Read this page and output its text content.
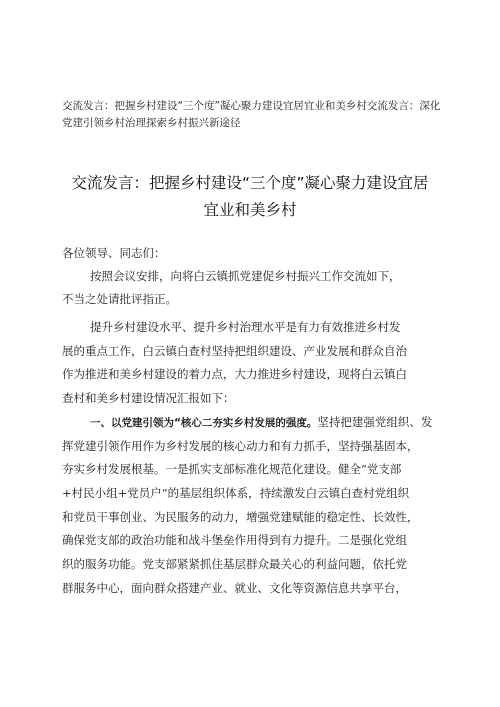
交流发言：把握乡村建设“三个度”凝心聚力建设宜居宜业和美乡村交流发言：深化
党建引领乡村治理探索乡村振兴新途径
交流发言：把握乡村建设“三个度”凝心聚力建设宜居
宜业和美乡村
各位领导、同志们：
按照会议安排，向将白云镇抓党建促乡村振兴工作交流如下，
不当之处请批评指正。
提升乡村建设水平、提升乡村治理水平是有力有效推进乡村发
展的重点工作，白云镇白查村坚持把组织建设、产业发展和群众自治
作为推进和美乡村建设的着力点，大力推进乡村建设，现将白云镇白
查村和美乡村建设情况汇报如下：
一、以党建引领为“核心二夯实乡村发展的强度。坚持把建强党组织、发
挥党建引领作用作为乡村发展的核心动力和有力抓手，坚持强基固本，
夯实乡村发展根基。一是抓实支部标准化规范化建设。健全“党支部
+村民小组+党员户”的基层组织体系，持续激发白云镇白查村党组织
和党员干事创业、为民服务的动力，增强党建赋能的稳定性、长效性，
确保党支部的政治功能和战斗堡垒作用得到有力提升。二是强化党组
织的服务功能。党支部紧紧抓住基层群众最关心的利益问题，依托党
群服务中心，面向群众搭建产业、就业、文化等资源信息共享平台，
